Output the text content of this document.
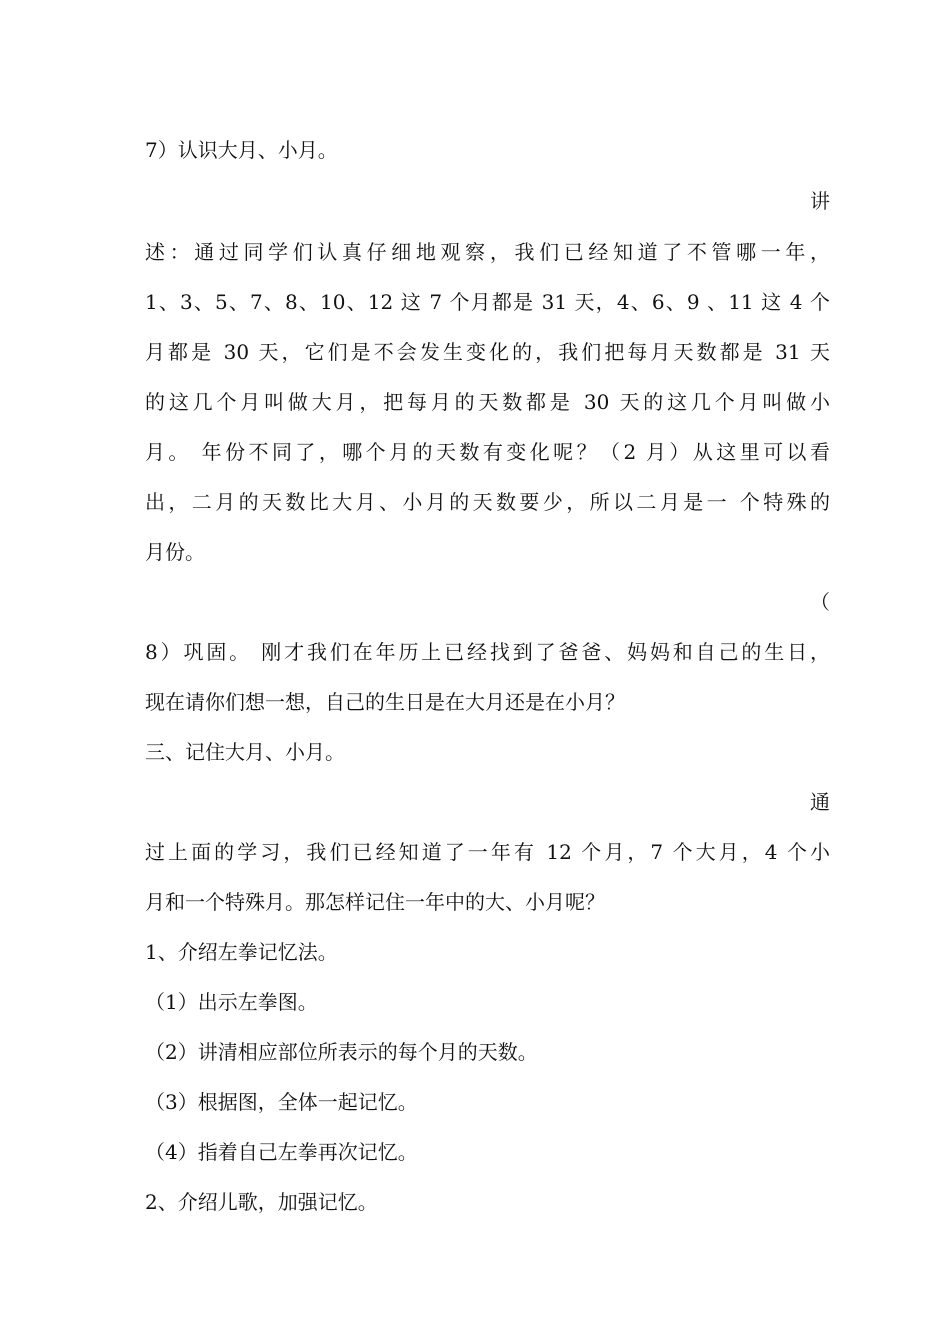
7）认识大月、小月。
讲
述：通过同学们认真仔细地观察，我们已经知道了不管哪一年，
1、3、5、7、8、10、12 这 7 个月都是 31 天，4、6、9 、11 这 4 个
月都是 30 天，它们是不会发生变化的，我们把每月天数都是 31 天
的这几个月叫做大月，把每月的天数都是 30 天的这几个月叫做小
月。 年份不同了，哪个月的天数有变化呢？（2 月）从这里可以看
出，二月的天数比大月、小月的天数要少，所以二月是一 个特殊的
月份。
（
8）巩固。 刚才我们在年历上已经找到了爸爸、妈妈和自己的生日，
现在请你们想一想，自己的生日是在大月还是在小月？
三、记住大月、小月。
通
过上面的学习，我们已经知道了一年有 12 个月，7 个大月，4 个小
月和一个特殊月。那怎样记住一年中的大、小月呢？
1、介绍左拳记忆法。
（1）出示左拳图。
（2）讲清相应部位所表示的每个月的天数。
（3）根据图，全体一起记忆。
（4）指着自己左拳再次记忆。
2、介绍儿歌，加强记忆。
